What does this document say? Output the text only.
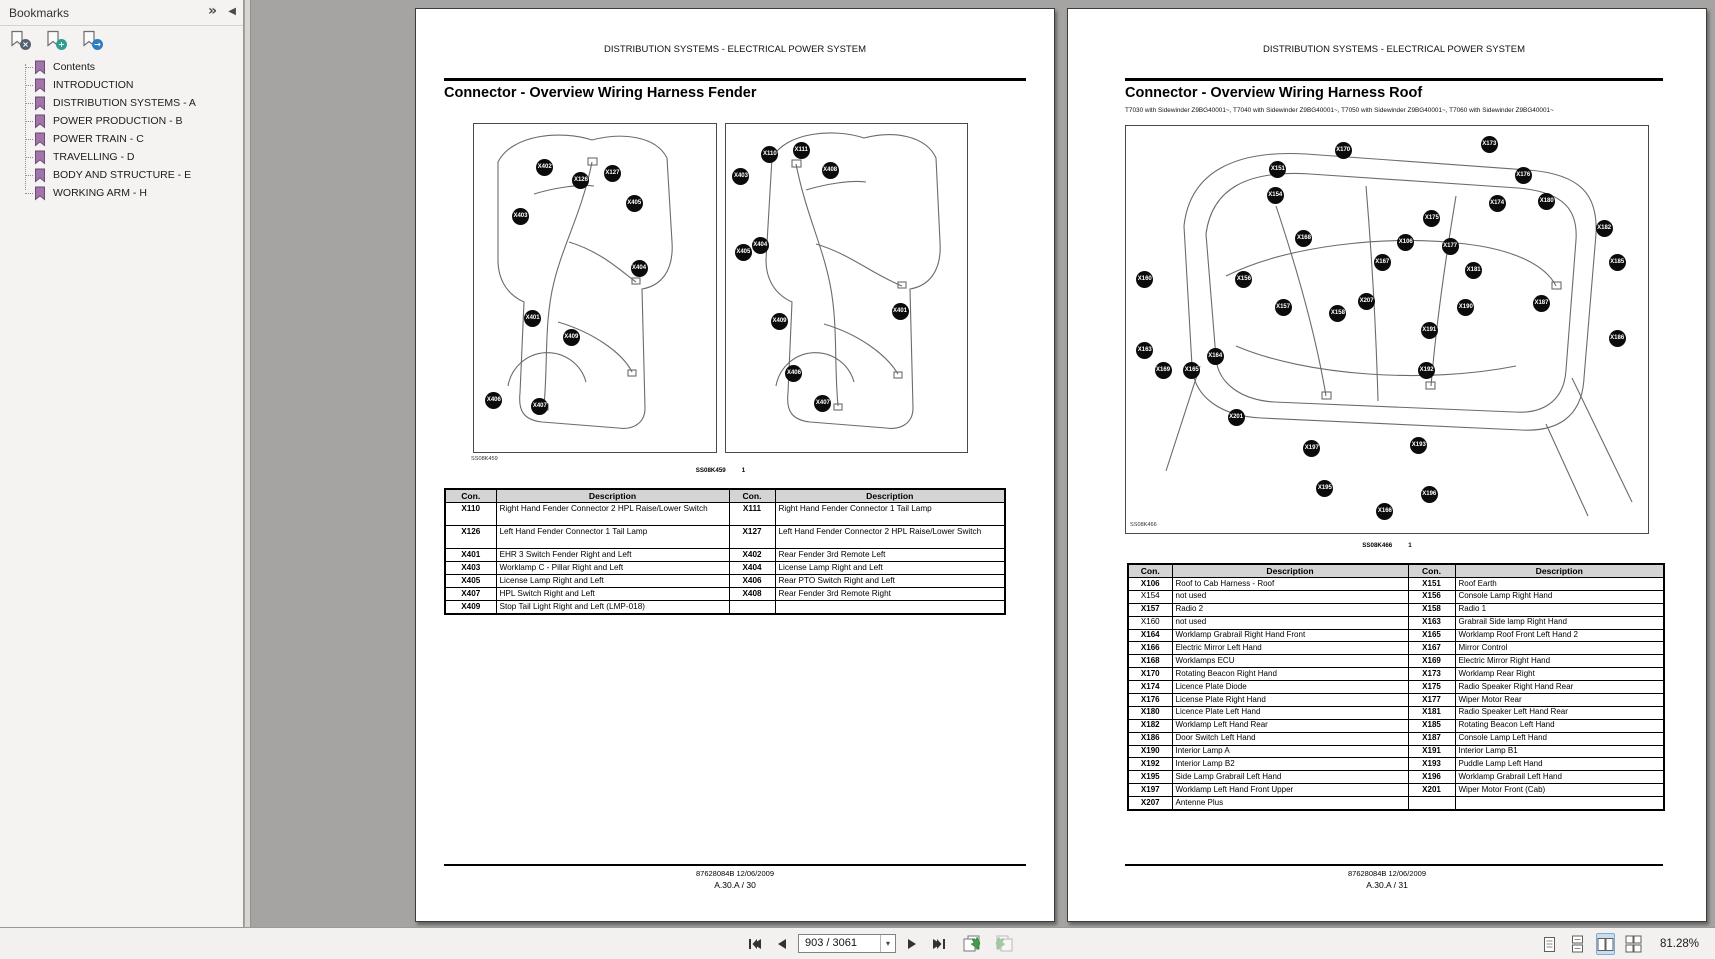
Bookmarks	» ◀
×	+	→
Contents
INTRODUCTION
DISTRIBUTION SYSTEMS - A
POWER PRODUCTION - B
POWER TRAIN - C
TRAVELLING - D
BODY AND STRUCTURE - E
WORKING ARM - H
DISTRIBUTION SYSTEMS - ELECTRICAL POWER SYSTEM
Connector - Overview Wiring Harness Fender
X402
X126
X127
X403
X405
X404
X401
X409
X406
X407
X110
X111
X408
X403
X404
X405
X409
X401
X406
X407
SS08K459
SS08K459	1
Con.	Description	Con.	Description
X110	Right Hand Fender Connector 2 HPL Raise/Lower Switch	X111	Right Hand Fender Connector 1 Tail Lamp
X126	Left Hand Fender Connector 1 Tail Lamp	X127	Left Hand Fender Connector 2 HPL Raise/Lower Switch
X401	EHR 3 Switch Fender Right and Left	X402	Rear Fender 3rd Remote Left
X403	Worklamp C - Pillar Right and Left	X404	License Lamp Right and Left
X405	License Lamp Right and Left	X406	Rear PTO Switch Right and Left
X407	HPL Switch Right and Left	X408	Rear Fender 3rd Remote Right
X409	Stop Tail Light Right and Left (LMP-018)		
87628084B 12/06/2009
A.30.A / 30
DISTRIBUTION SYSTEMS - ELECTRICAL POWER SYSTEM
Connector - Overview Wiring Harness Roof
T7030 with Sidewinder Z9BG40001~, T7040 with Sidewinder Z9BG40001~, T7050 with Sidewinder Z9BG40001~, T7060 with Sidewinder Z9BG40001~
X170
X173
X151
X176
X154
X174	X180
X175
X182
X168
X106
X177
X167
X181
X185
X160	X156
X157
X158
X207
X190
X187
X191
X186
X163
X164
X169 X165	X192
X201
X197	X193
X195
X196
X166
SS08K466
SS08K466	1
Con.	Description	Con.	Description
X106	Roof to Cab Harness - Roof	X151	Roof Earth
X154	not used	X156	Console Lamp Right Hand
X157	Radio 2	X158	Radio 1
X160	not used	X163	Grabrail Side lamp Right Hand
X164	Worklamp Grabrail Right Hand Front	X165	Worklamp Roof Front Left Hand 2
X166	Electric Mirror Left Hand	X167	Mirror Control
X168	Worklamps ECU	X169	Electric Mirror Right Hand
X170	Rotating Beacon Right Hand	X173	Worklamp Rear Right
X174	Licence Plate Diode	X175	Radio Speaker Right Hand Rear
X176	License Plate Right Hand	X177	Wiper Motor Rear
X180	Licence Plate Left Hand	X181	Radio Speaker Left Hand Rear
X182	Worklamp Left Hand Rear	X185	Rotating Beacon Left Hand
X186	Door Switch Left Hand	X187	Console Lamp Left Hand
X190	Interior Lamp A	X191	Interior Lamp B1
X192	Interior Lamp B2	X193	Puddle Lamp Left Hand
X195	Side Lamp Grabrail Left Hand	X196	Worklamp Grabrail Left Hand
X197	Worklamp Left Hand Front Upper	X201	Wiper Motor Front (Cab)
X207	Antenne Plus		
87628084B 12/06/2009
A.30.A / 31
903 / 3061	▾	81.28%
